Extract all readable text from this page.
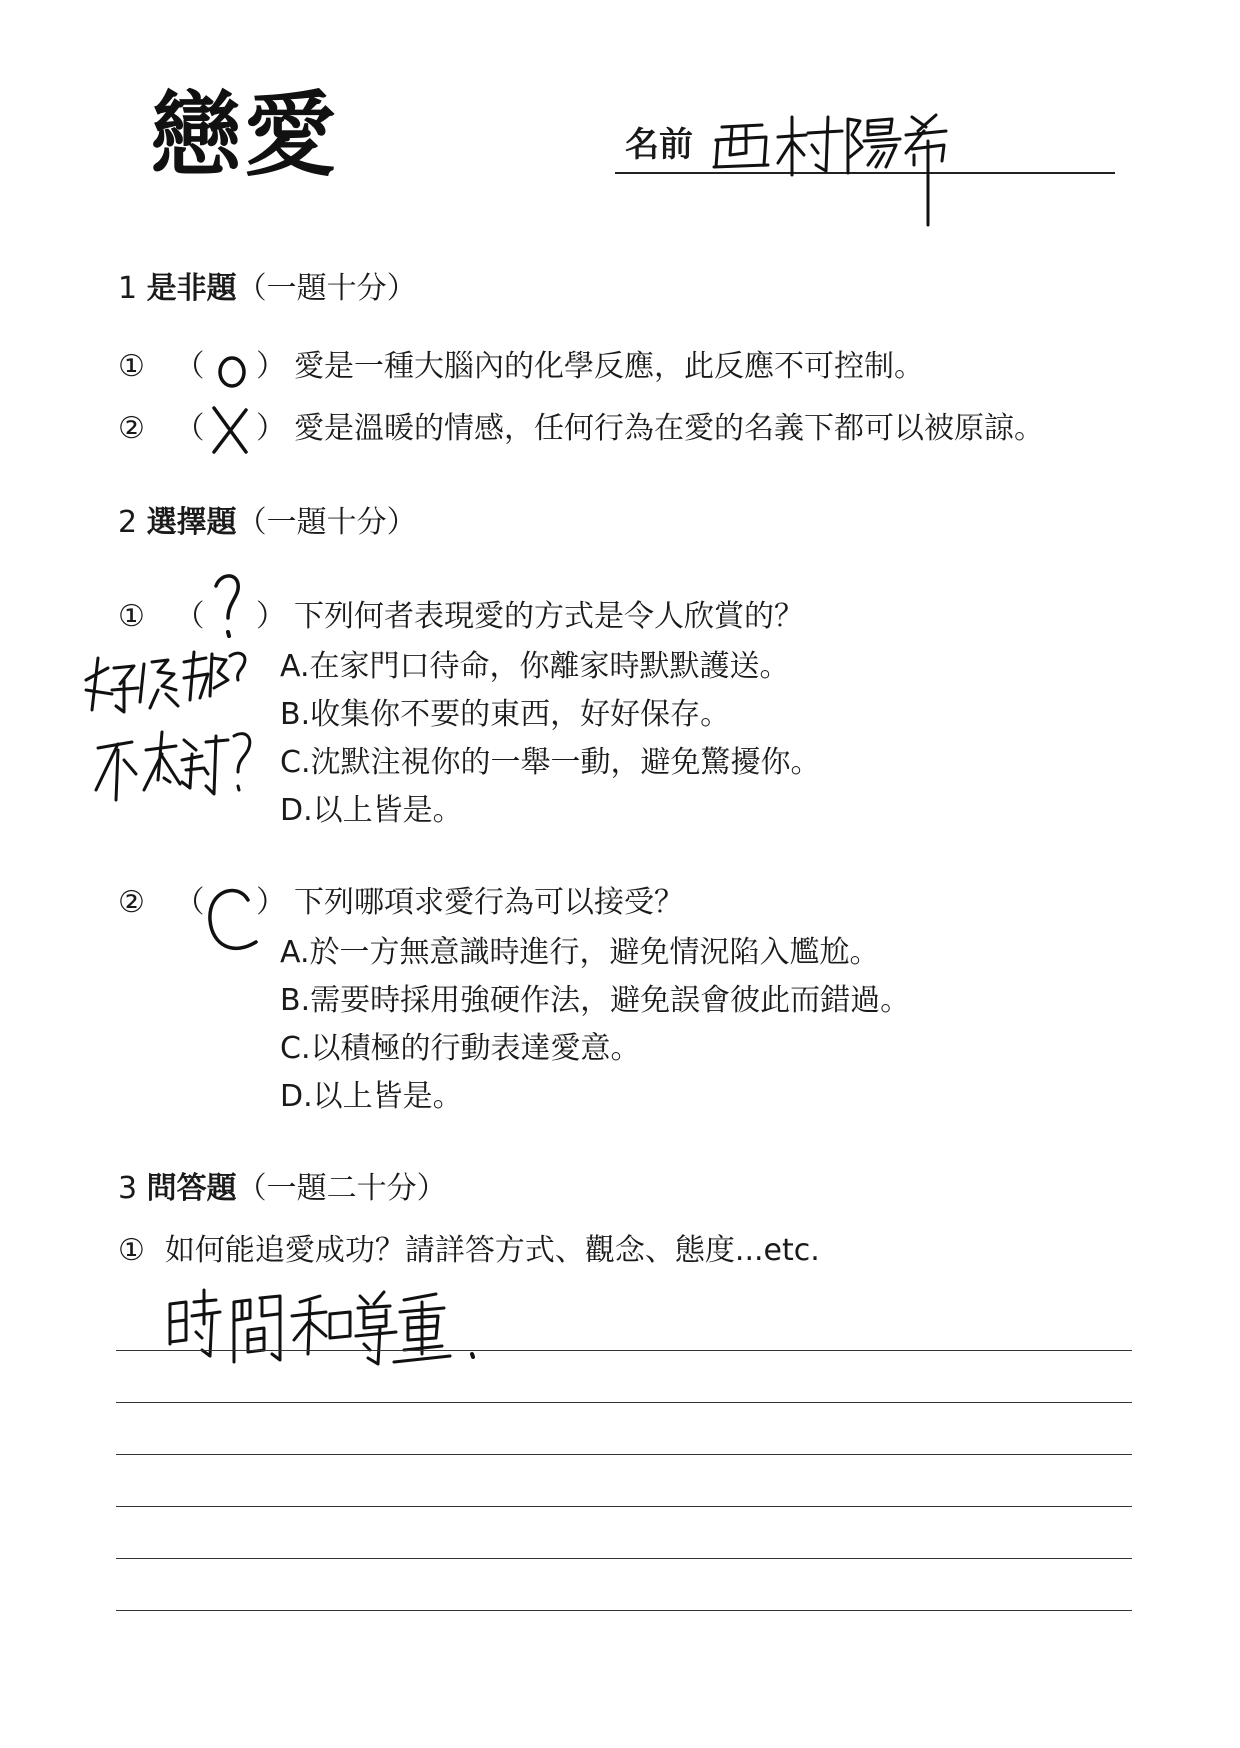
戀愛	名前
1 是非題（一題十分）
① （
O
） 愛是一種大腦內的化學反應，此反應不可控制。
② （
X
） 愛是溫暖的情感，任何行為在愛的名義下都可以被原諒。
2 選擇題（一題十分）
① （
?
） 下列何者表現愛的方式是令人欣賞的？
A.在家門口待命，你離家時默默護送。
B.收集你不要的東西，好好保存。
C.沈默注視你的一舉一動，避免驚擾你。
D.以上皆是。
好像都不太對？
② （
C
） 下列哪項求愛行為可以接受？
A.於一方無意識時進行，避免情況陷入尷尬。
B.需要時採用強硬作法，避免誤會彼此而錯過。
C.以積極的行動表達愛意。
D.以上皆是。
3 問答題（一題二十分）
① 如何能追愛成功？請詳答方式、觀念、態度...etc.
時間和尊重.
